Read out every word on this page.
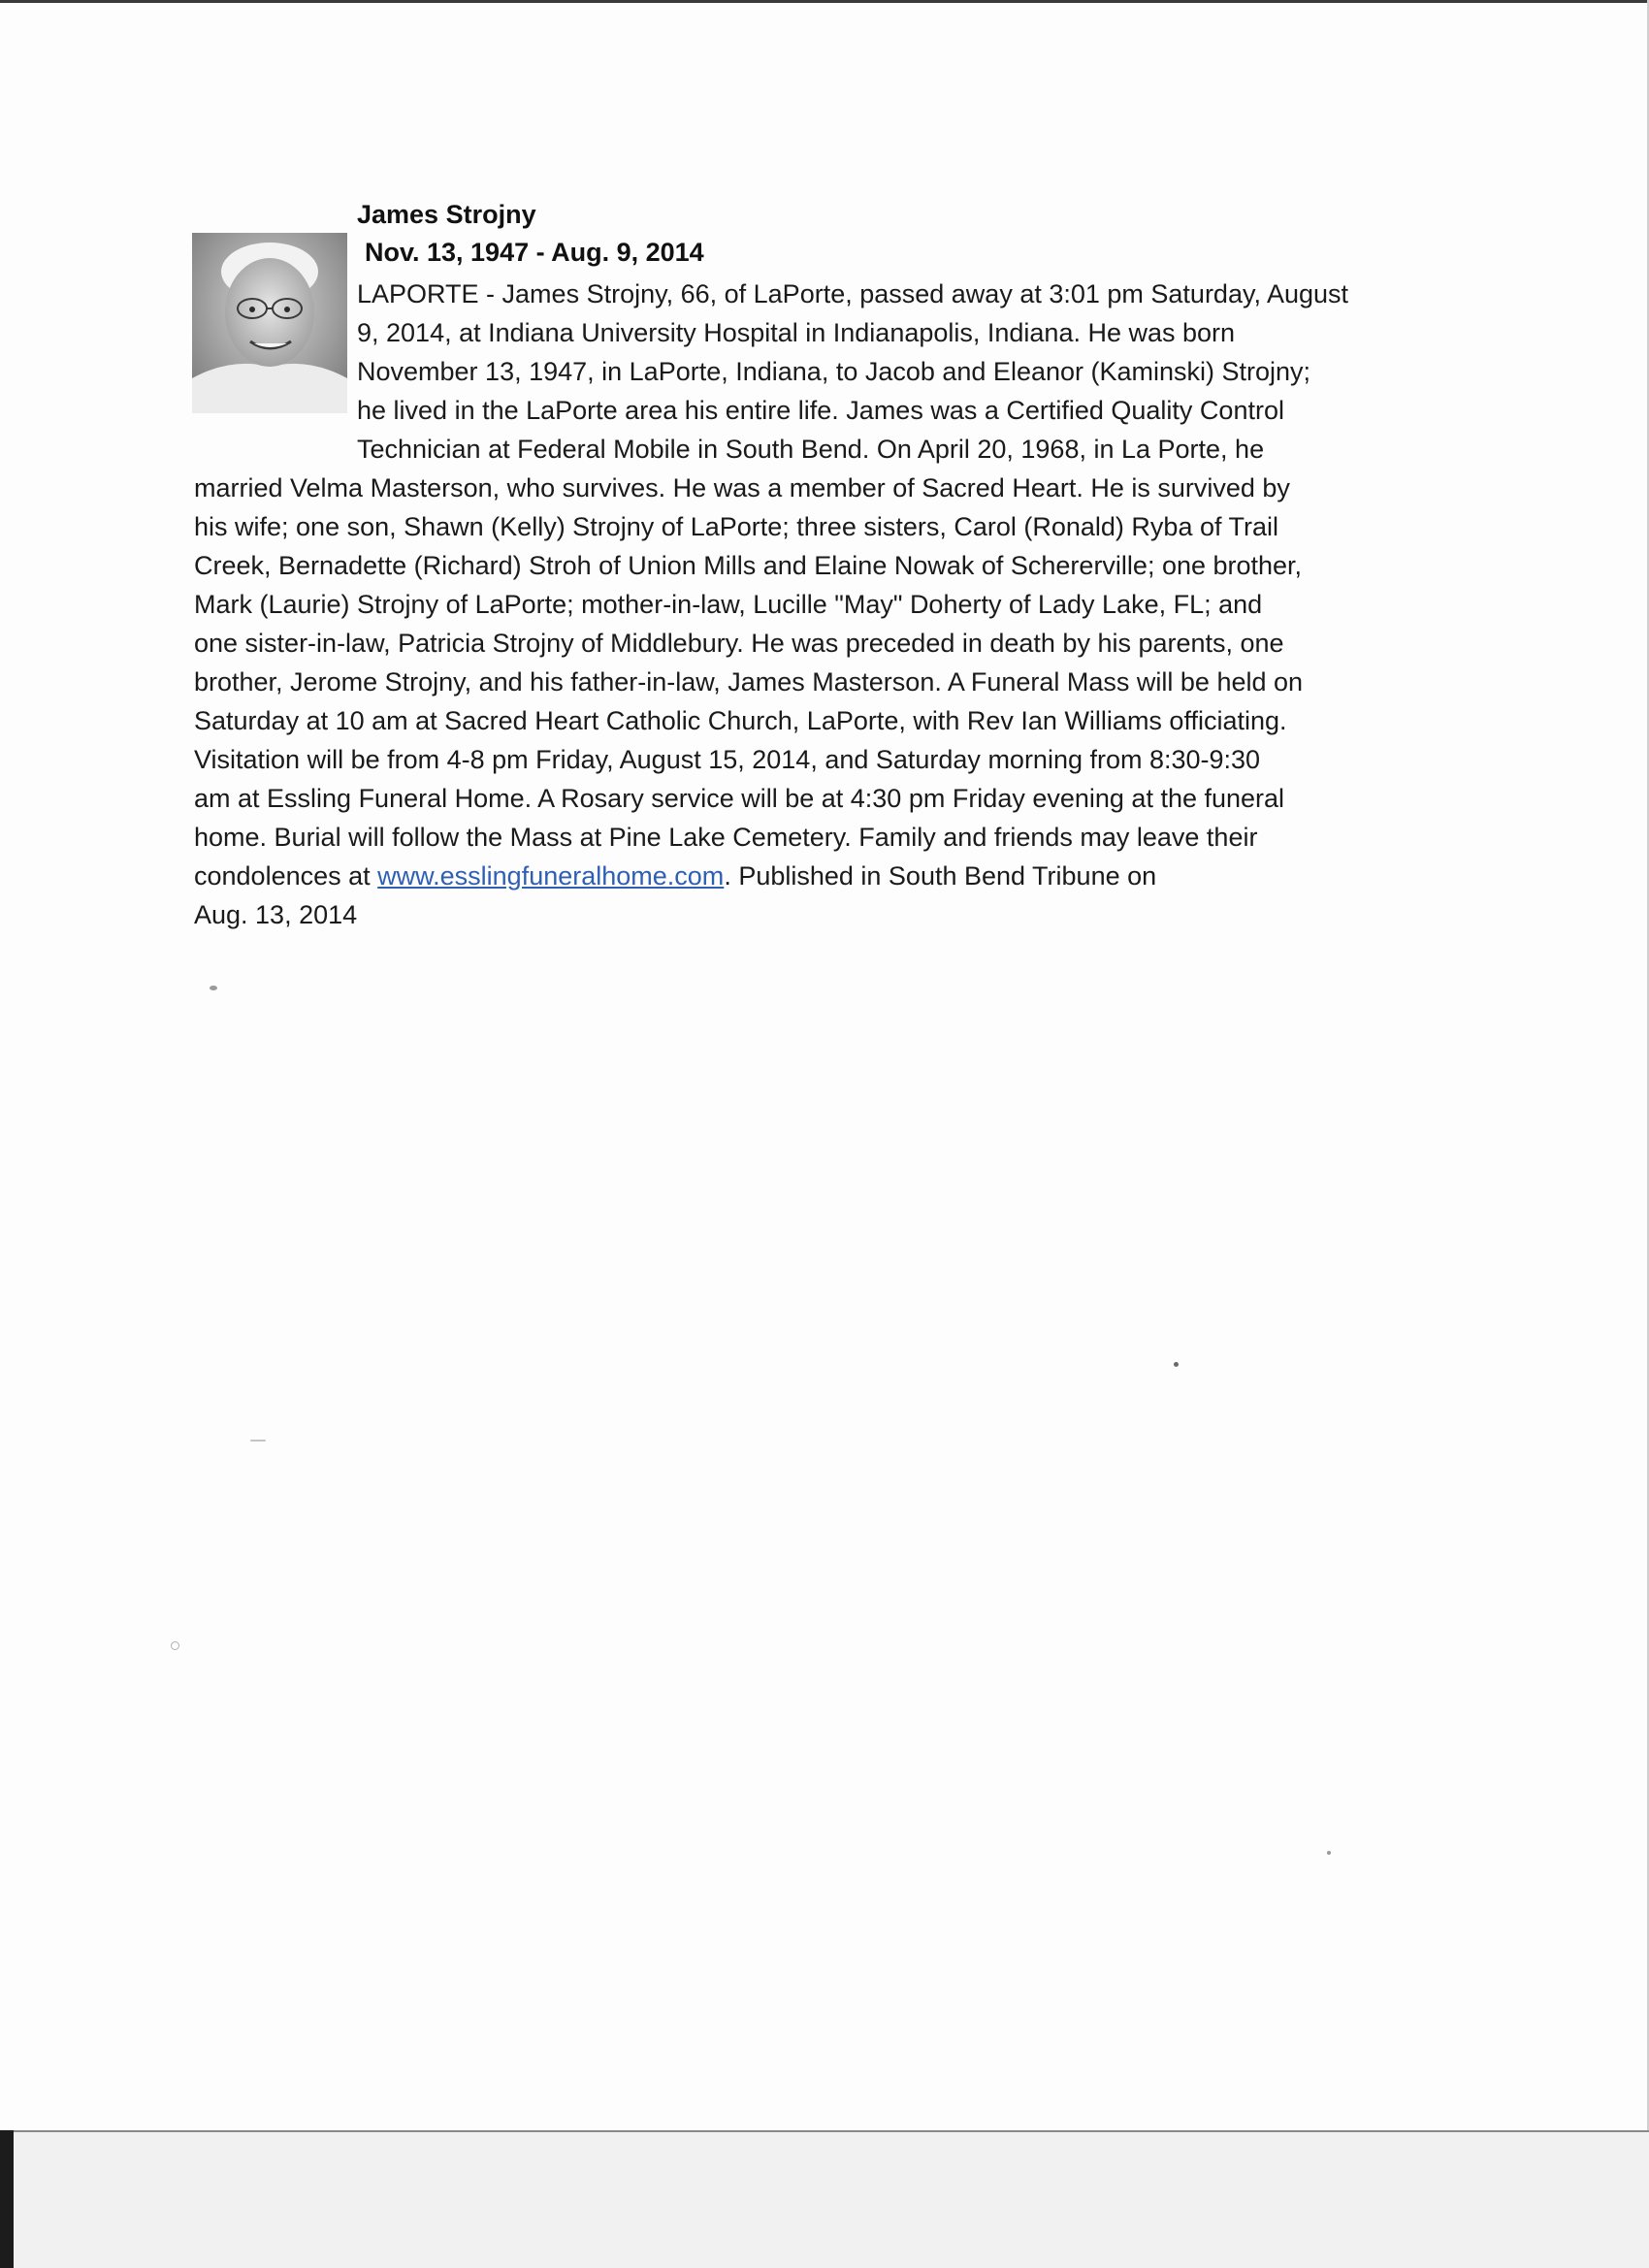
James Strojny
Nov. 13, 1947 - Aug. 9, 2014
LAPORTE - James Strojny, 66, of LaPorte, passed away at 3:01 pm Saturday, August
9, 2014, at Indiana University Hospital in Indianapolis, Indiana. He was born
November 13, 1947, in LaPorte, Indiana, to Jacob and Eleanor (Kaminski) Strojny;
he lived in the LaPorte area his entire life. James was a Certified Quality Control
Technician at Federal Mobile in South Bend. On April 20, 1968, in La Porte, he
married Velma Masterson, who survives. He was a member of Sacred Heart. He is survived by
his wife; one son, Shawn (Kelly) Strojny of LaPorte; three sisters, Carol (Ronald) Ryba of Trail
Creek, Bernadette (Richard) Stroh of Union Mills and Elaine Nowak of Schererville; one brother,
Mark (Laurie) Strojny of LaPorte; mother-in-law, Lucille "May" Doherty of Lady Lake, FL; and
one sister-in-law, Patricia Strojny of Middlebury. He was preceded in death by his parents, one
brother, Jerome Strojny, and his father-in-law, James Masterson. A Funeral Mass will be held on
Saturday at 10 am at Sacred Heart Catholic Church, LaPorte, with Rev Ian Williams officiating.
Visitation will be from 4-8 pm Friday, August 15, 2014, and Saturday morning from 8:30-9:30
am at Essling Funeral Home. A Rosary service will be at 4:30 pm Friday evening at the funeral
home. Burial will follow the Mass at Pine Lake Cemetery. Family and friends may leave their
condolences at www.esslingfuneralhome.com. Published in South Bend Tribune on
Aug. 13, 2014
